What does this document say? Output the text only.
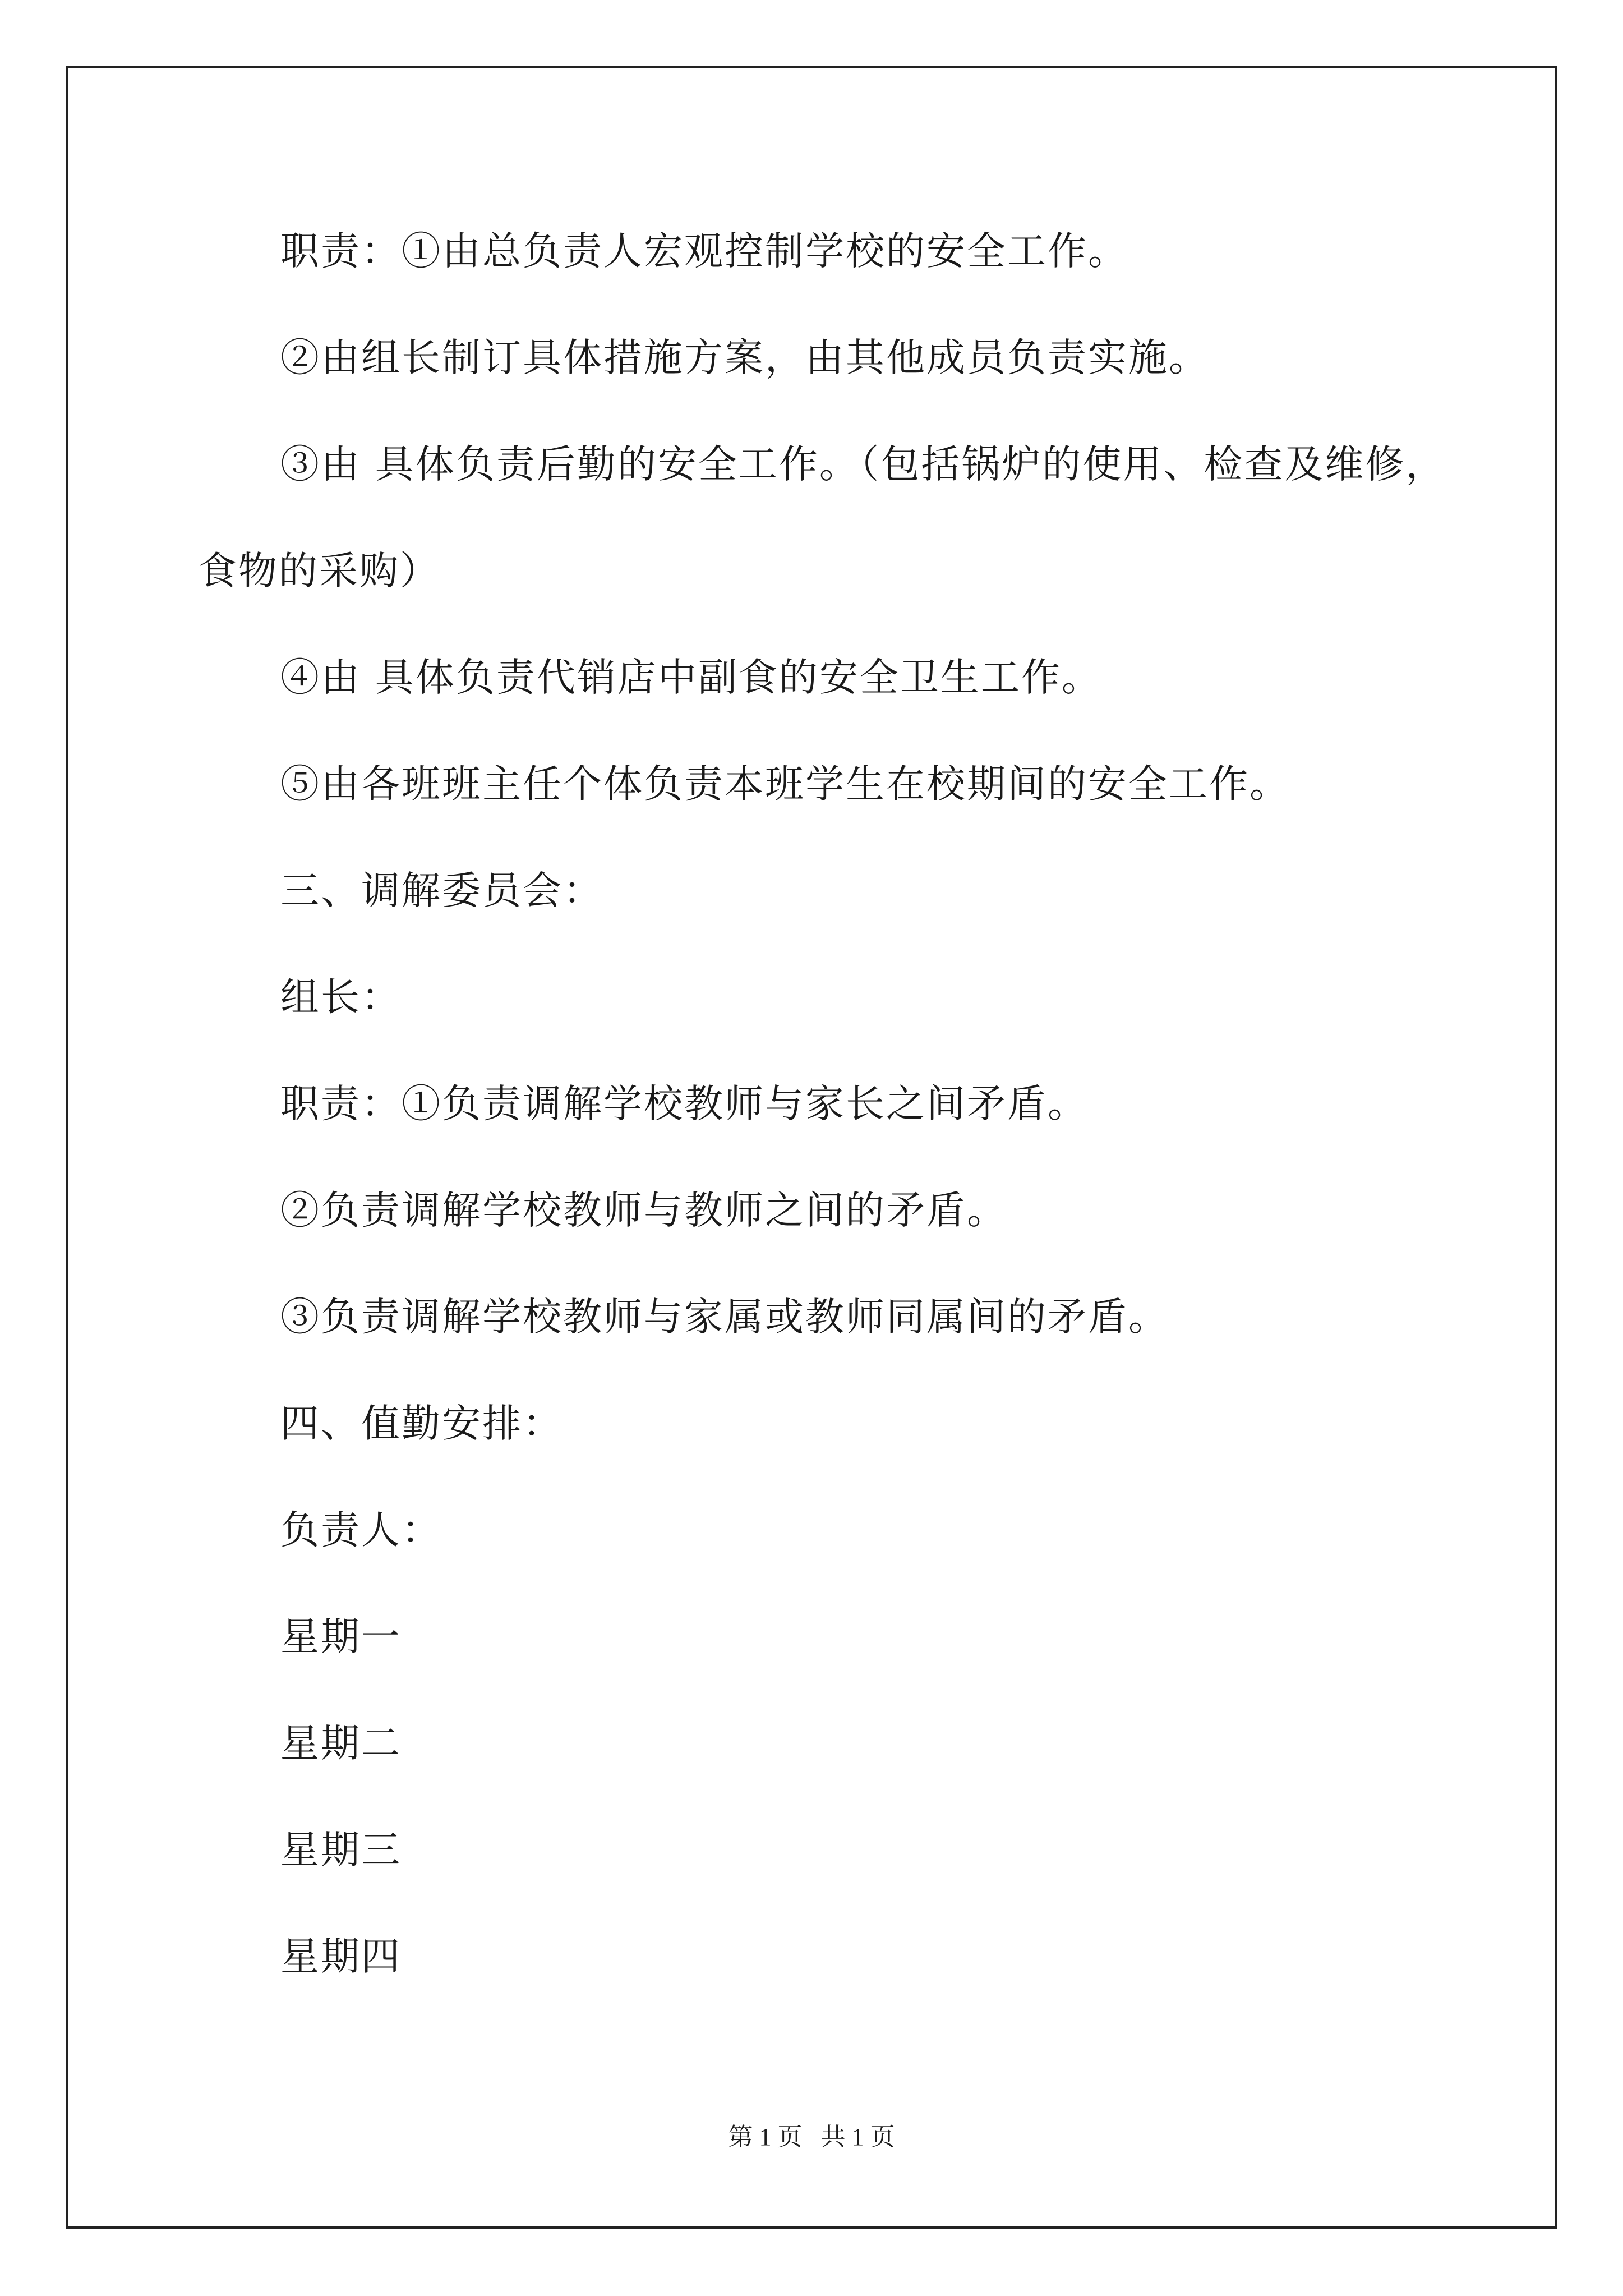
职责：①由总负责人宏观控制学校的安全工作。
②由组长制订具体措施方案，由其他成员负责实施。
③由 具体负责后勤的安全工作。（包括锅炉的使用、检查及维修，
食物的采购）
④由 具体负责代销店中副食的安全卫生工作。
⑤由各班班主任个体负责本班学生在校期间的安全工作。
三、调解委员会：
组长：
职责：①负责调解学校教师与家长之间矛盾。
②负责调解学校教师与教师之间的矛盾。
③负责调解学校教师与家属或教师同属间的矛盾。
四、值勤安排：
负责人：
星期一
星期二
星期三
星期四
第 1 页   共 1 页
